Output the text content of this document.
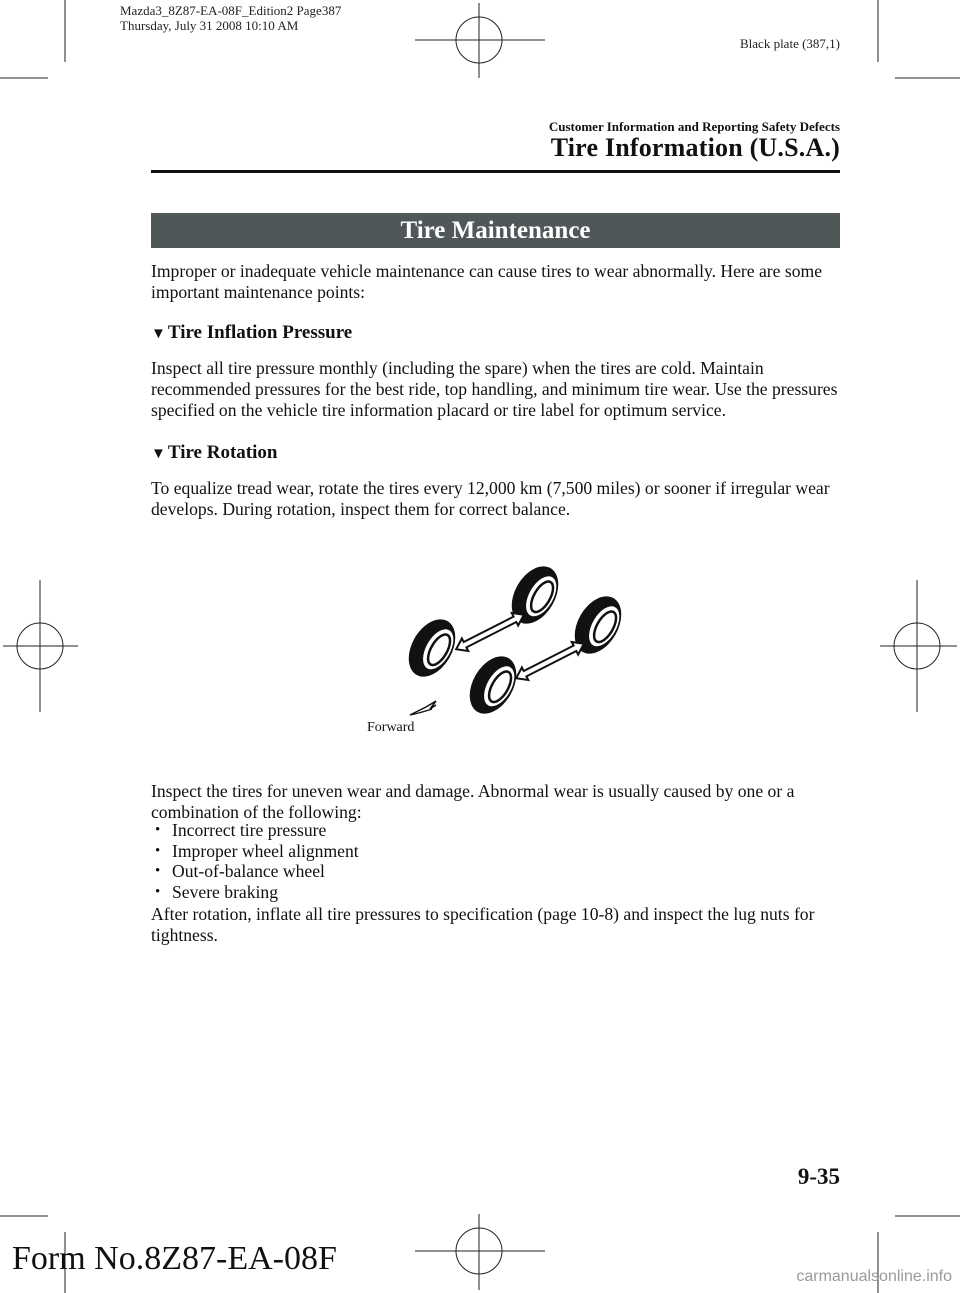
Mazda3_8Z87-EA-08F_Edition2 Page387
Thursday, July 31 2008 10:10 AM
Black plate (387,1)
Customer Information and Reporting Safety Defects
Tire Information (U.S.A.)
Tire Maintenance
Improper or inadequate vehicle maintenance can cause tires to wear abnormally. Here are some important maintenance points:
▼ Tire Inflation Pressure
Inspect all tire pressure monthly (including the spare) when the tires are cold. Maintain recommended pressures for the best ride, top handling, and minimum tire wear. Use the pressures specified on the vehicle tire information placard or tire label for optimum service.
▼ Tire Rotation
To equalize tread wear, rotate the tires every 12,000 km (7,500 miles) or sooner if irregular wear develops. During rotation, inspect them for correct balance.
Forward
Inspect the tires for uneven wear and damage. Abnormal wear is usually caused by one or a combination of the following:
• Incorrect tire pressure
• Improper wheel alignment
• Out-of-balance wheel
• Severe braking
After rotation, inflate all tire pressures to specification (page 10-8) and inspect the lug nuts for tightness.
9-35
Form No.8Z87-EA-08F	carmanualsonline.info
